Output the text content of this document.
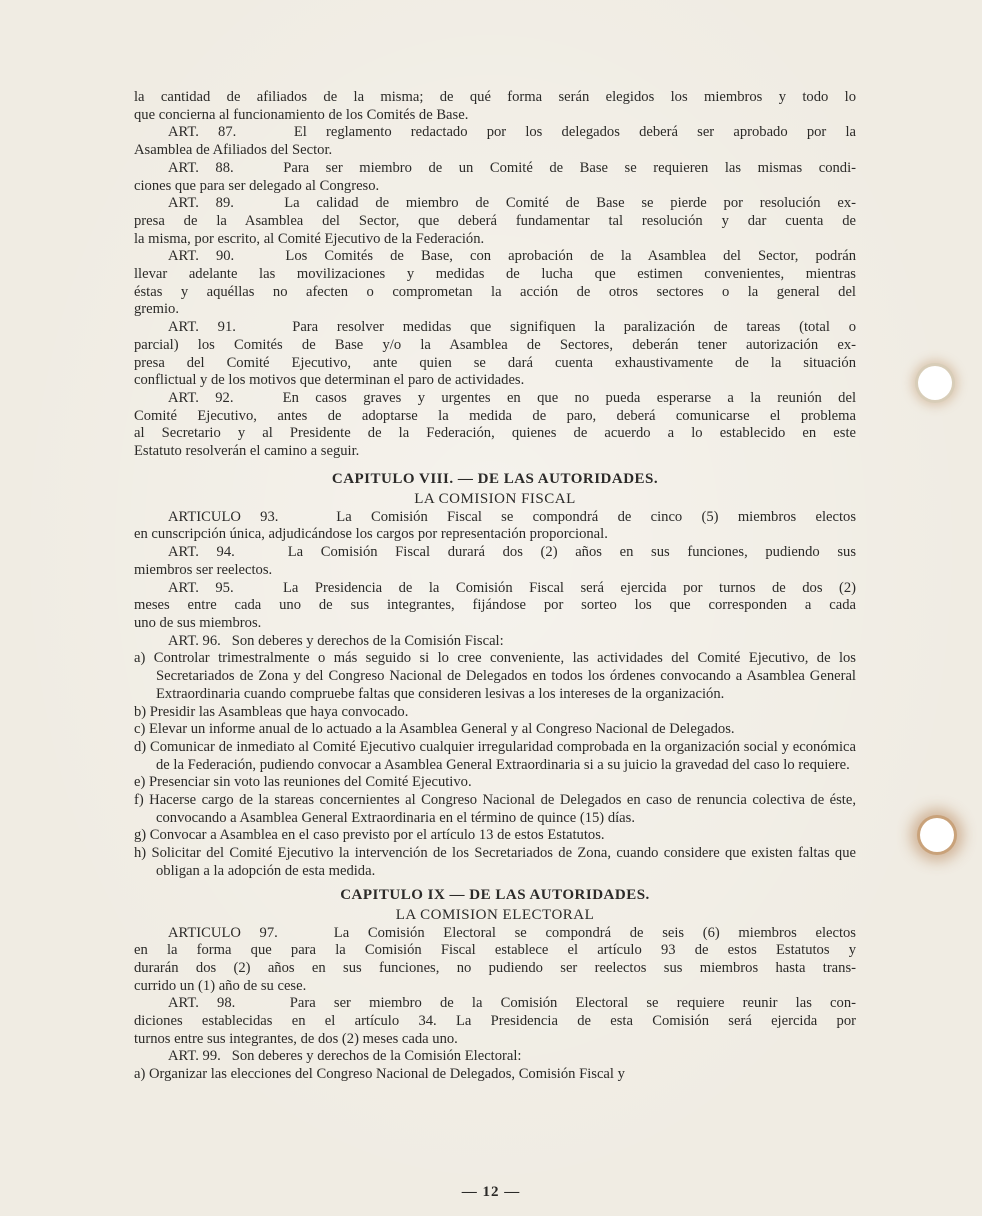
la cantidad de afiliados de la misma; de qué forma serán elegidos los miembros y todo lo

que concierna al funcionamiento de los Comités de Base.

ART. 87.   El reglamento redactado por los delegados deberá ser aprobado por la

Asamblea de Afiliados del Sector.

ART. 88.   Para ser miembro de un Comité de Base se requieren las mismas condi-

ciones que para ser delegado al Congreso.

ART. 89.   La calidad de miembro de Comité de Base se pierde por resolución ex-

presa de la Asamblea del Sector, que deberá fundamentar tal resolución y dar cuenta de

la misma, por escrito, al Comité Ejecutivo de la Federación.

ART. 90.   Los Comités de Base, con aprobación de la Asamblea del Sector, podrán

llevar adelante las movilizaciones y medidas de lucha que estimen convenientes, mientras

éstas y aquéllas no afecten o comprometan la acción de otros sectores o la general del

gremio.

ART. 91.   Para resolver medidas que signifiquen la paralización de tareas (total o

parcial) los Comités de Base y/o la Asamblea de Sectores, deberán tener autorización ex-

presa del Comité Ejecutivo, ante quien se dará cuenta exhaustivamente de la situación

conflictual y de los motivos que determinan el paro de actividades.

ART. 92.   En casos graves y urgentes en que no pueda esperarse a la reunión del

Comité Ejecutivo, antes de adoptarse la medida de paro, deberá comunicarse el problema

al Secretario y al Presidente de la Federación, quienes de acuerdo a lo establecido en este

Estatuto resolverán el camino a seguir.

CAPITULO VIII. — DE LAS AUTORIDADES.

LA COMISION FISCAL

ARTICULO 93.   La Comisión Fiscal se compondrá de cinco (5) miembros electos

en cunscripción única, adjudicándose los cargos por representación proporcional.

ART. 94.   La Comisión Fiscal durará dos (2) años en sus funciones, pudiendo sus

miembros ser reelectos.

ART. 95.   La Presidencia de la Comisión Fiscal será ejercida por turnos de dos (2)

meses entre cada uno de sus integrantes, fijándose por sorteo los que corresponden a cada

uno de sus miembros.

ART. 96.   Son deberes y derechos de la Comisión Fiscal:

a) Controlar trimestralmente o más seguido si lo cree conveniente, las actividades del Comité Ejecutivo, de los Secretariados de Zona y del Congreso Nacional de Delegados en todos los órdenes convocando a Asamblea General Extraordinaria cuando compruebe faltas que consideren lesivas a los intereses de la organización.

b) Presidir las Asambleas que haya convocado.

c) Elevar un informe anual de lo actuado a la Asamblea General y al Congreso Nacional de Delegados.

d) Comunicar de inmediato al Comité Ejecutivo cualquier irregularidad comprobada en la organización social y económica de la Federación, pudiendo convocar a Asamblea General Extraordinaria si a su juicio la gravedad del caso lo requiere.

e) Presenciar sin voto las reuniones del Comité Ejecutivo.

f) Hacerse cargo de la stareas concernientes al Congreso Nacional de Delegados en caso de renuncia colectiva de éste, convocando a Asamblea General Extraordinaria en el término de quince (15) días.

g) Convocar a Asamblea en el caso previsto por el artículo 13 de estos Estatutos.

h) Solicitar del Comité Ejecutivo la intervención de los Secretariados de Zona, cuando considere que existen faltas que obligan a la adopción de esta medida.

CAPITULO IX — DE LAS AUTORIDADES.

LA COMISION ELECTORAL

ARTICULO 97.   La Comisión Electoral se compondrá de seis (6) miembros electos

en la forma que para la Comisión Fiscal establece el artículo 93 de estos Estatutos y

durarán dos (2) años en sus funciones, no pudiendo ser reelectos sus miembros hasta trans-

currido un (1) año de su cese.

ART. 98.   Para ser miembro de la Comisión Electoral se requiere reunir las con-

diciones establecidas en el artículo 34. La Presidencia de esta Comisión será ejercida por

turnos entre sus integrantes, de dos (2) meses cada uno.

ART. 99.   Son deberes y derechos de la Comisión Electoral:

a) Organizar las elecciones del Congreso Nacional de Delegados, Comisión Fiscal y

— 12 —
